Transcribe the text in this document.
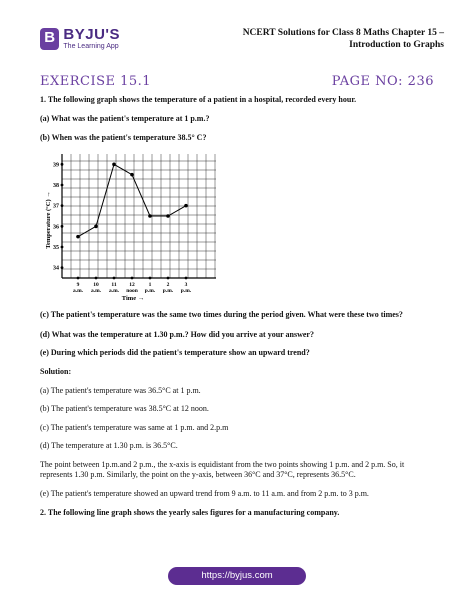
B
BYJU'S
The Learning App
NCERT Solutions for Class 8 Maths Chapter 15 –
Introduction to Graphs
EXERCISE 15.1	PAGE NO: 236
1. The following graph shows the temperature of a patient in a hospital, recorded every hour.
(a) What was the patient's temperature at 1 p.m.?
(b) When was the patient's temperature 38.5° C?
34
35
36
37
38
39
9
a.m.
10
a.m.
11
a.m.
12
noon
1
p.m.
2
p.m.
3
p.m.
Temperature (°C) →
Time →
(c) The patient's temperature was the same two times during the period given. What were these two times?
(d) What was the temperature at 1.30 p.m.? How did you arrive at your answer?
(e) During which periods did the patient's temperature show an upward trend?
Solution:
(a) The patient's temperature was 36.5°C at 1 p.m.
(b) The patient's temperature was 38.5°C at 12 noon.
(c) The patient's temperature was same at 1 p.m. and 2.p.m
(d) The temperature at 1.30 p.m. is 36.5°C.
The point between 1p.m.and 2 p.m., the x-axis is equidistant from the two points showing 1 p.m. and 2 p.m. So, it represents 1.30 p.m. Similarly, the point on the y-axis, between 36°C and 37°C, represents 36.5°C.
(e) The patient's temperature showed an upward trend from 9 a.m. to 11 a.m. and from 2 p.m. to 3 p.m.
2. The following line graph shows the yearly sales figures for a manufacturing company.
https://byjus.com
